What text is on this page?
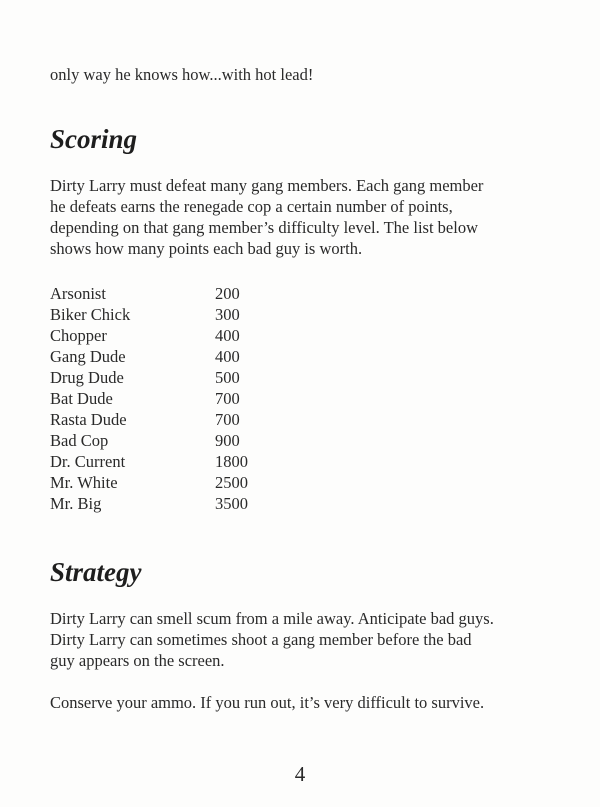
only way he knows how...with hot lead!

Scoring

Dirty Larry must defeat many gang members. Each gang member
he defeats earns the renegade cop a certain number of points,
depending on that gang member’s difficulty level. The list below
shows how many points each bad guy is worth.

Arsonist	200
Biker Chick	300
Chopper	400
Gang Dude	400
Drug Dude	500
Bat Dude	700
Rasta Dude	700
Bad Cop	900
Dr. Current	1800
Mr. White	2500
Mr. Big	3500
Strategy

Dirty Larry can smell scum from a mile away. Anticipate bad guys.
Dirty Larry can sometimes shoot a gang member before the bad
guy appears on the screen.

Conserve your ammo. If you run out, it’s very difficult to survive.

4
